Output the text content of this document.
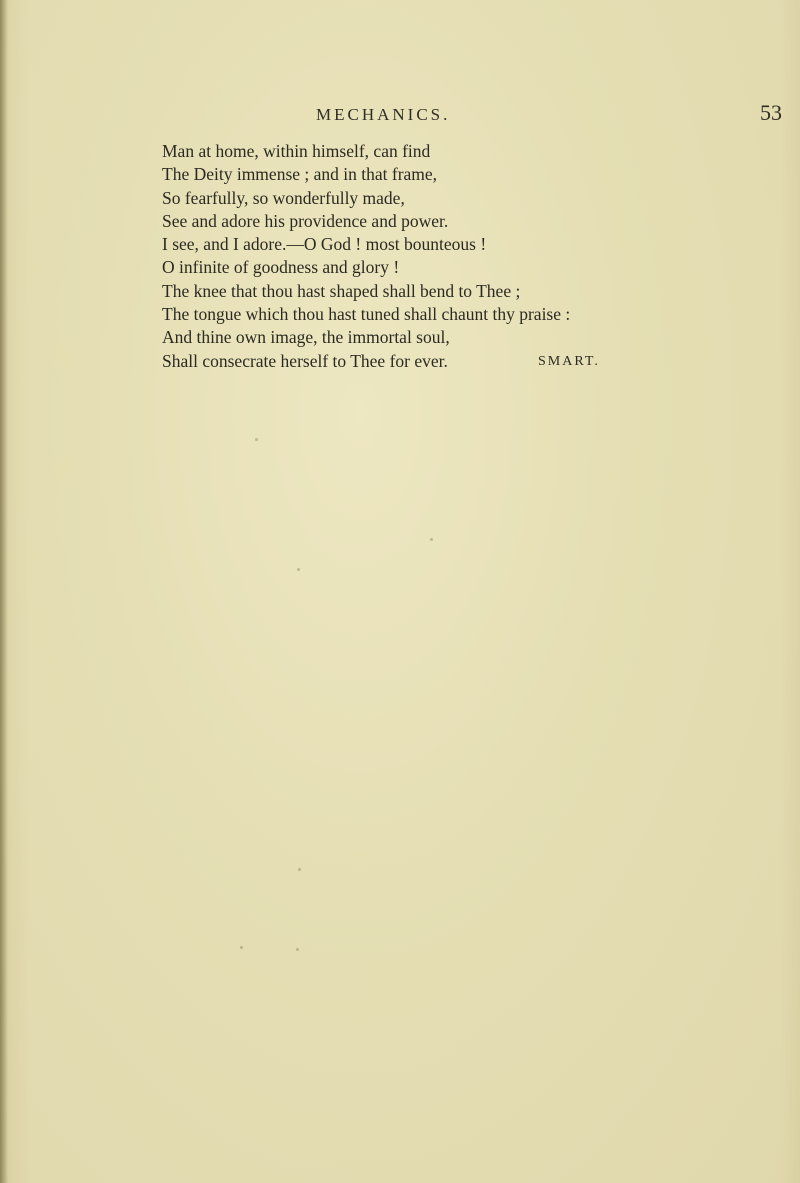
MECHANICS.	53
Man at home, within himself, can find
The Deity immense ; and in that frame,
So fearfully, so wonderfully made,
See and adore his providence and power.
I see, and I adore.—O God ! most bounteous !
O infinite of goodness and glory !
The knee that thou hast shaped shall bend to Thee ;
The tongue which thou hast tuned shall chaunt thy praise :
And thine own image, the immortal soul,
Shall consecrate herself to Thee for ever.	SMART.
